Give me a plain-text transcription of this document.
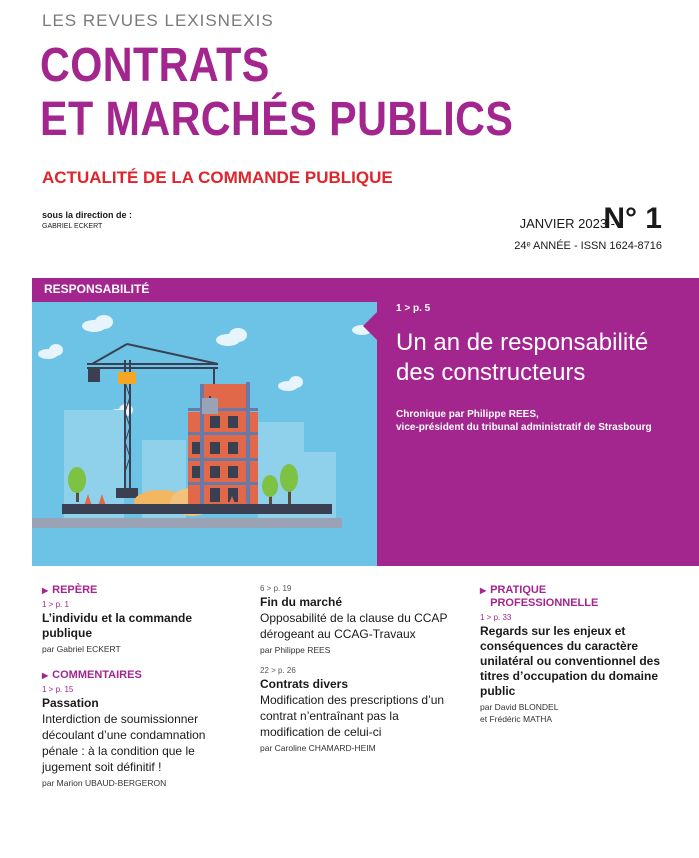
LES REVUES LEXISNEXIS
CONTRATS
ET MARCHÉS PUBLICS
ACTUALITÉ DE LA COMMANDE PUBLIQUE
sous la direction de :
GABRIEL ECKERT	JANVIER 2023 -
N° 1
24ᵉ ANNÉE - ISSN 1624-8716
RESPONSABILITÉ
1 > p. 5
Un an de responsabilité des constructeurs
Chronique par Philippe REES,
vice-président du tribunal administratif de Strasbourg
▶ REPÈRE
1 > p. 1
L’individu et la commande publique
par Gabriel ECKERT
▶ COMMENTAIRES
1 > p. 15
Passation
Interdiction de soumissionner découlant d’une condamnation pénale : à la condition que le jugement soit définitif !
par Marion UBAUD-BERGERON
6 > p. 19
Fin du marché
Opposabilité de la clause du CCAP dérogeant au CCAG-Travaux
par Philippe REES
22 > p. 26
Contrats divers
Modification des prescriptions d’un contrat n’entraînant pas la modification de celui-ci
par Caroline CHAMARD-HEIM
▶ PRATIQUE PROFESSIONNELLE
1 > p. 33
Regards sur les enjeux et conséquences du caractère unilatéral ou conventionnel des titres d’occupation du domaine public
par David BLONDEL
et Frédéric MATHA
